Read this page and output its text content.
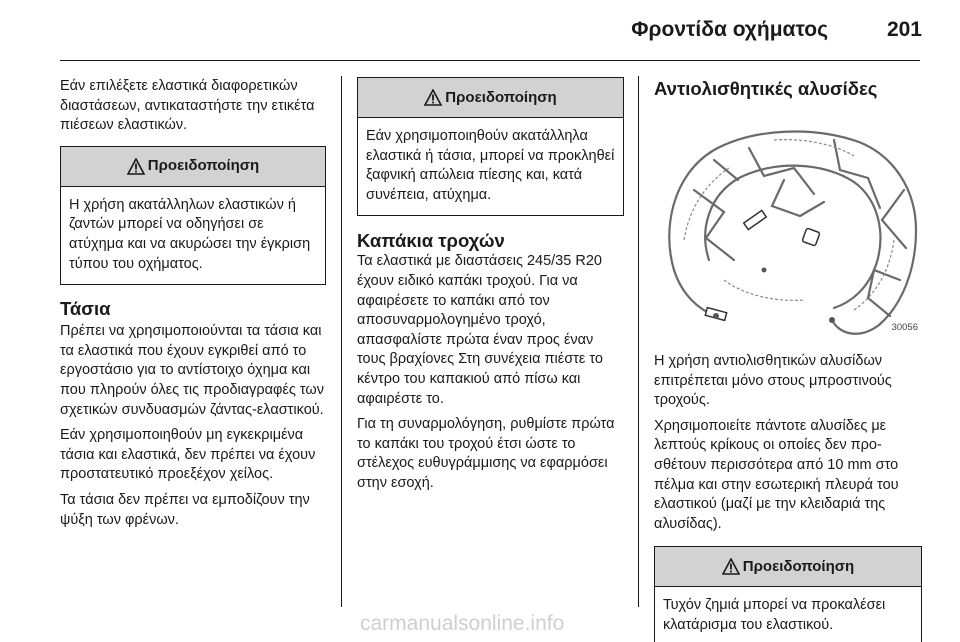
Φροντίδα οχήματος	201

Εάν επιλέξετε ελαστικά διαφορετικών διαστάσεων, αντικαταστήστε την ετικέτα πιέσεων ελαστικών.

Προειδοποίηση
Η χρήση ακατάλληλων ελαστικών ή ζαντών μπορεί να οδηγήσει σε ατύχημα και να ακυρώσει την έγκριση τύπου του οχήματος.
Τάσια

Πρέπει να χρησιμοποιούνται τα τάσια και τα ελαστικά που έχουν εγκριθεί από το εργοστάσιο για το αντίστοιχο όχημα και που πληρούν όλες τις προδιαγραφές των σχετικών συνδυασμών ζάντας-ελαστικού.

Εάν χρησιμοποιηθούν μη εγκεκριμένα τάσια και ελαστικά, δεν πρέπει να έχουν προστατευτικό προεξέχον χείλος.

Τα τάσια δεν πρέπει να εμποδίζουν την ψύξη των φρένων.

Προειδοποίηση
Εάν χρησιμοποιηθούν ακατάλληλα ελαστικά ή τάσια, μπορεί να προκληθεί ξαφνική απώλεια πίεσης και, κατά συνέπεια, ατύχημα.
Καπάκια τροχών

Τα ελαστικά με διαστάσεις 245/35 R20 έχουν ειδικό καπάκι τροχού. Για να αφαιρέσετε το καπάκι από τον αποσυναρμολογημένο τροχό, απασφαλίστε πρώτα έναν προς έναν τους βραχίονες Στη συνέχεια πιέστε το κέντρο του καπακιού από πίσω και αφαιρέστε το.

Για τη συναρμολόγηση, ρυθμίστε πρώτα το καπάκι του τροχού έτσι ώστε το στέλεχος ευθυγράμμισης να εφαρμόσει στην εσοχή.

Αντιολισθητικές αλυσίδες
30056

Η χρήση αντιολισθητικών αλυσίδων επιτρέπεται μόνο στους μπροστινούς τροχούς.

Χρησιμοποιείτε πάντοτε αλυσίδες με λεπτούς κρίκους οι οποίες δεν προσθέτουν περισσότερα από 10 mm στο πέλμα και στην εσωτερική πλευρά του ελαστικού (μαζί με την κλειδαριά της αλυσίδας).

Προειδοποίηση
Τυχόν ζημιά μπορεί να προκαλέσει κλατάρισμα του ελαστικού.
carmanualsonline.info
